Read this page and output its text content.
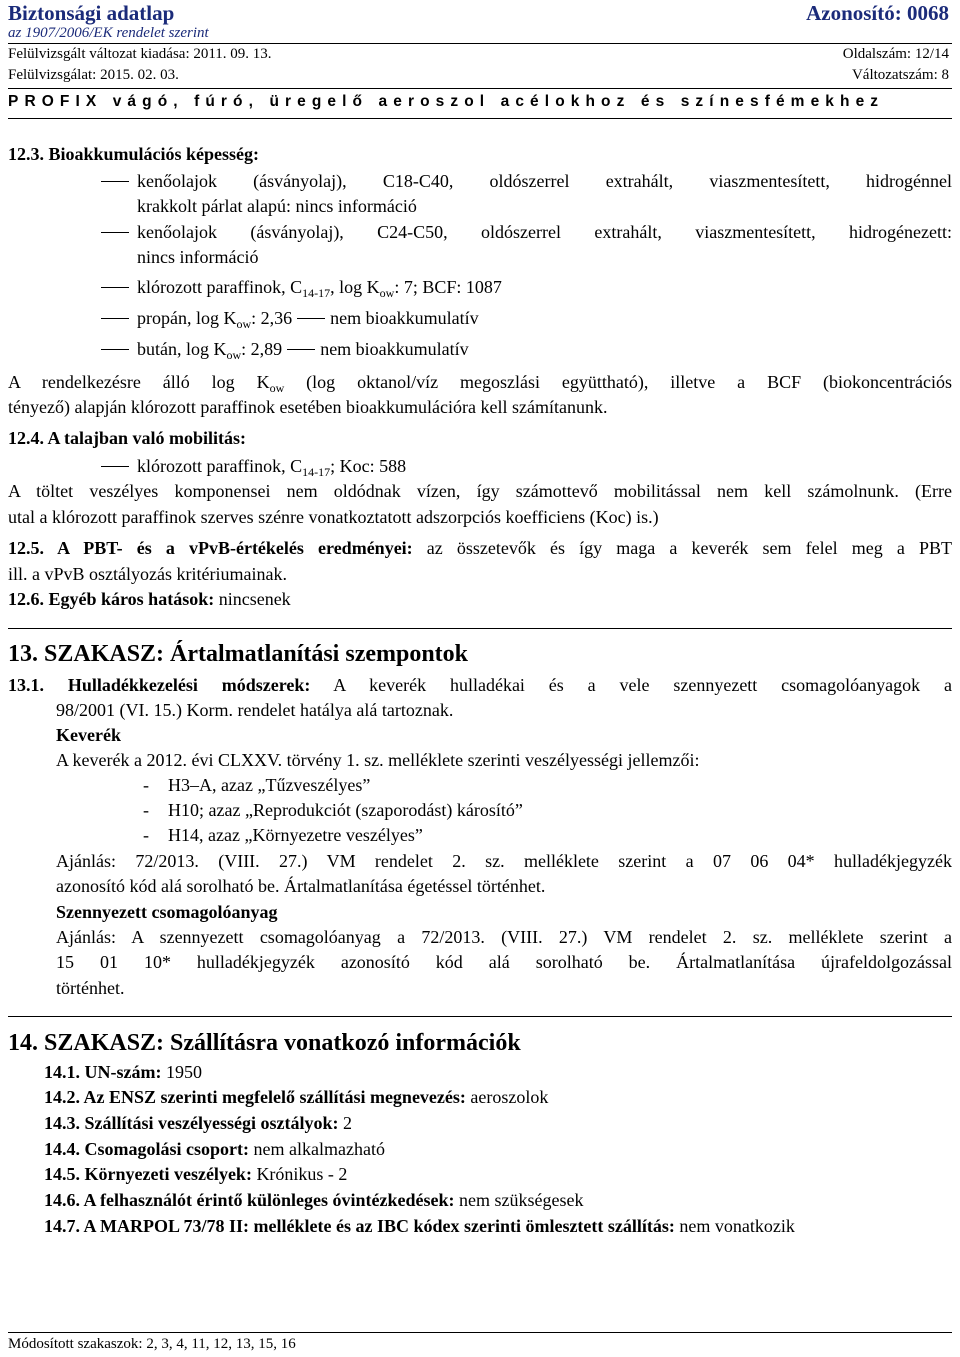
Biztonsági adatlap	Azonosító: 0068
az 1907/2006/EK rendelet szerint
Felülvizsgált változat kiadása: 2011. 09. 13.	Oldalszám: 12/14
Felülvizsgálat: 2015. 02. 03.	Változatszám: 8
PROFIX vágó, fúró, üregelő aeroszol acélokhoz és színesfémekhez
12.3. Bioakkumulációs képesség:
kenőolajok (ásványolaj), C18-C40, oldószerrel extrahált, viaszmentesített, hidrogénnel
krakkolt párlat alapú: nincs információ
kenőolajok (ásványolaj), C24-C50, oldószerrel extrahált, viaszmentesített, hidrogénezett:
nincs információ
klórozott paraffinok, $C_{14-17}$, $\log K_{ow}$: 7; BCF: 1087
propán, $\log K_{ow}$: 2,36 nem bioakkumulatív
bután, $\log K_{ow}$: 2,89 nem bioakkumulatív
A rendelkezésre álló $\log K_{ow}$ (log oktanol/víz megoszlási együttható), illetve a BCF (biokoncentrációs
tényező) alapján klórozott paraffinok esetében bioakkumulációra kell számítanunk.
12.4. A talajban való mobilitás:
klórozott paraffinok, $C_{14-17}$; Koc: 588
A töltet veszélyes komponensei nem oldódnak vízen, így számottevő mobilitással nem kell számolnunk. (Erre
utal a klórozott paraffinok szerves szénre vonatkoztatott adszorpciós koefficiens (Koc) is.)
12.5. A PBT- és a vPvB-értékelés eredményei: az összetevők és így maga a keverék sem felel meg a PBT
ill. a vPvB osztályozás kritériumainak.
12.6. Egyéb káros hatások: nincsenek
13. SZAKASZ: Ártalmatlanítási szempontok
13.1. Hulladékkezelési módszerek: A keverék hulladékai és a vele szennyezett csomagolóanyagok a
98/2001 (VI. 15.) Korm. rendelet hatálya alá tartoznak.
Keverék
A keverék a 2012. évi CLXXV. törvény 1. sz. melléklete szerinti veszélyességi jellemzői:
- H3–A, azaz „Tűzveszélyes”
- H10; azaz „Reprodukciót (szaporodást) károsító”
- H14, azaz „Környezetre veszélyes”
Ajánlás: 72/2013. (VIII. 27.) VM rendelet 2. sz. melléklete szerint a 07 06 04* hulladékjegyzék
azonosító kód alá sorolható be. Ártalmatlanítása égetéssel történhet.
Szennyezett csomagolóanyag
Ajánlás: A szennyezett csomagolóanyag a 72/2013. (VIII. 27.) VM rendelet 2. sz. melléklete szerint a
15 01 10* hulladékjegyzék azonosító kód alá sorolható be. Ártalmatlanítása újrafeldolgozással
történhet.
14. SZAKASZ: Szállításra vonatkozó információk
14.1. UN-szám: 1950
14.2. Az ENSZ szerinti megfelelő szállítási megnevezés: aeroszolok
14.3. Szállítási veszélyességi osztályok: 2
14.4. Csomagolási csoport: nem alkalmazható
14.5. Környezeti veszélyek: Krónikus - 2
14.6. A felhasználót érintő különleges óvintézkedések: nem szükségesek
14.7. A MARPOL 73/78 II: melléklete és az IBC kódex szerinti ömlesztett szállítás: nem vonatkozik
Módosított szakaszok: 2, 3, 4, 11, 12, 13, 15, 16
